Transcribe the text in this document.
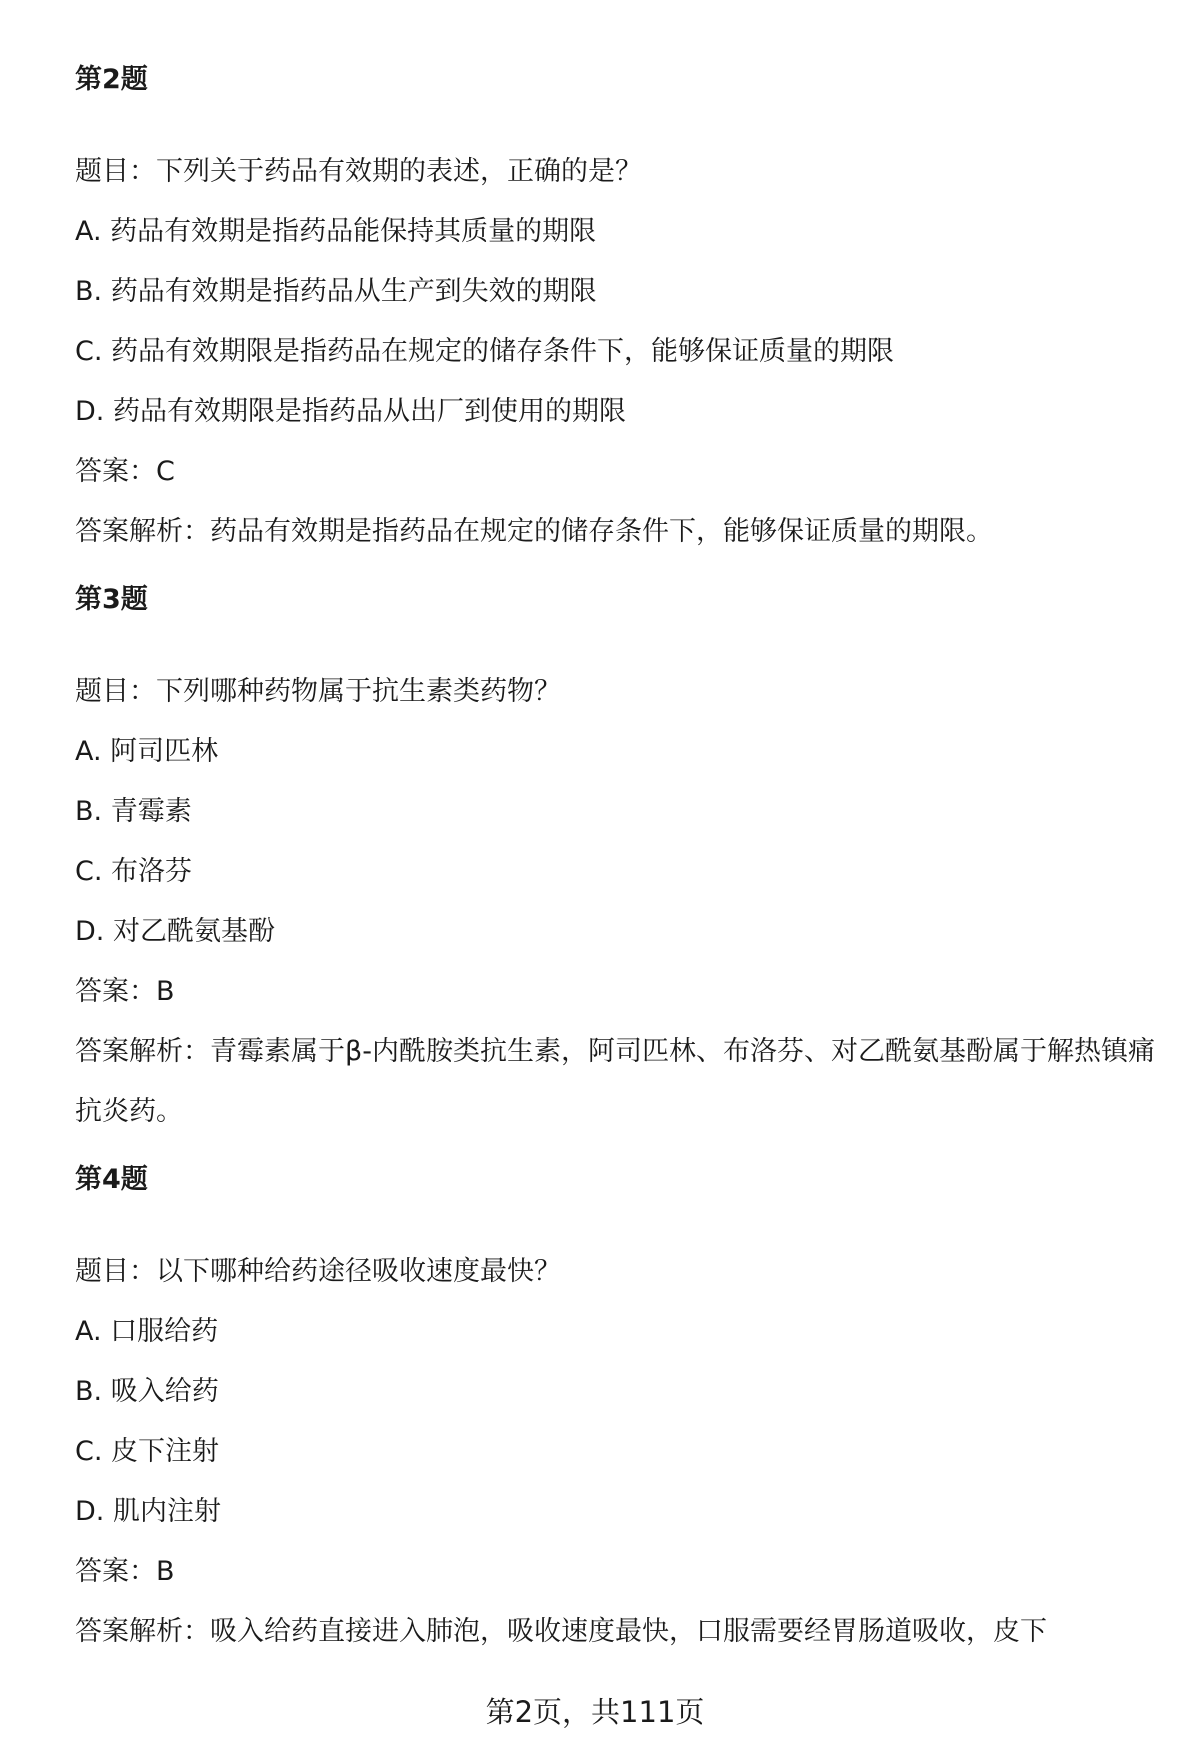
第2题

题目：下列关于药品有效期的表述，正确的是？

A. 药品有效期是指药品能保持其质量的期限

B. 药品有效期是指药品从生产到失效的期限

C. 药品有效期限是指药品在规定的储存条件下，能够保证质量的期限

D. 药品有效期限是指药品从出厂到使用的期限

答案：C

答案解析：药品有效期是指药品在规定的储存条件下，能够保证质量的期限。

第3题

题目：下列哪种药物属于抗生素类药物？

A. 阿司匹林

B. 青霉素

C. 布洛芬

D. 对乙酰氨基酚

答案：B

答案解析：青霉素属于β-内酰胺类抗生素，阿司匹林、布洛芬、对乙酰氨基酚属于解热镇痛抗炎药。

第4题

题目：以下哪种给药途径吸收速度最快？

A. 口服给药

B. 吸入给药

C. 皮下注射

D. 肌内注射

答案：B

答案解析：吸入给药直接进入肺泡，吸收速度最快，口服需要经胃肠道吸收，皮下

第2页，共111页
